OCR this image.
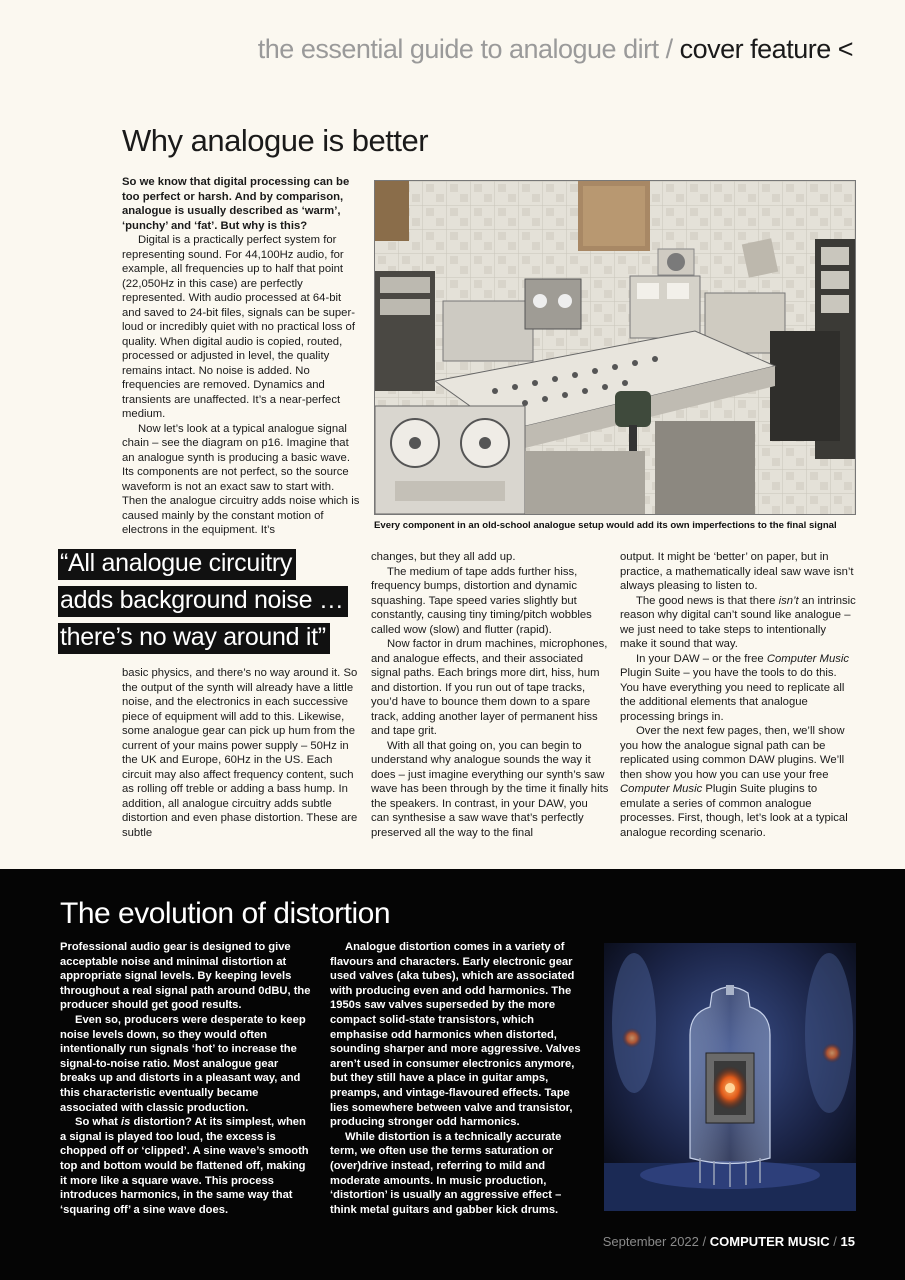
the essential guide to analogue dirt / cover feature <
Why analogue is better

So we know that digital processing can be too perfect or harsh. And by comparison, analogue is usually described as ‘warm’, ‘punchy’ and ‘fat’. But why is this?

Digital is a practically perfect system for representing sound. For 44,100Hz audio, for example, all frequencies up to half that point (22,050Hz in this case) are perfectly represented. With audio processed at 64-bit and saved to 24-bit files, signals can be super-loud or incredibly quiet with no practical loss of quality. When digital audio is copied, routed, processed or adjusted in level, the quality remains intact. No noise is added. No frequencies are removed. Dynamics and transients are unaffected. It’s a near-perfect medium.

Now let’s look at a typical analogue signal chain – see the diagram on p16. Imagine that an analogue synth is producing a basic wave. Its components are not perfect, so the source waveform is not an exact saw to start with. Then the analogue circuitry adds noise which is caused mainly by the constant motion of electrons in the equipment. It’s	Every component in an old-school analogue setup would add its own imperfections to the final signal
“All analogue circuitry
adds background noise …
there’s no way around it”

basic physics, and there’s no way around it. So the output of the synth will already have a little noise, and the electronics in each successive piece of equipment will add to this. Likewise, some analogue gear can pick up hum from the current of your mains power supply – 50Hz in the UK and Europe, 60Hz in the US. Each circuit may also affect frequency content, such as rolling off treble or adding a bass hump. In addition, all analogue circuitry adds subtle distortion and even phase distortion. These are subtle

changes, but they all add up.

The medium of tape adds further hiss, frequency bumps, distortion and dynamic squashing. Tape speed varies slightly but constantly, causing tiny timing/pitch wobbles called wow (slow) and flutter (rapid).

Now factor in drum machines, microphones, and analogue effects, and their associated signal paths. Each brings more dirt, hiss, hum and distortion. If you run out of tape tracks, you’d have to bounce them down to a spare track, adding another layer of permanent hiss and tape grit.

With all that going on, you can begin to understand why analogue sounds the way it does – just imagine everything our synth’s saw wave has been through by the time it finally hits the speakers. In contrast, in your DAW, you can synthesise a saw wave that’s perfectly preserved all the way to the final

output. It might be ‘better’ on paper, but in practice, a mathematically ideal saw wave isn’t always pleasing to listen to.

The good news is that there isn’t an intrinsic reason why digital can’t sound like analogue – we just need to take steps to intentionally make it sound that way.

In your DAW – or the free Computer Music Plugin Suite – you have the tools to do this. You have everything you need to replicate all the additional elements that analogue processing brings in.

Over the next few pages, then, we’ll show you how the analogue signal path can be replicated using common DAW plugins. We’ll then show you how you can use your free Computer Music Plugin Suite plugins to emulate a series of common analogue processes. First, though, let’s look at a typical analogue recording scenario.

The evolution of distortion

Professional audio gear is designed to give acceptable noise and minimal distortion at appropriate signal levels. By keeping levels throughout a real signal path around 0dBU, the producer should get good results.

Even so, producers were desperate to keep noise levels down, so they would often intentionally run signals ‘hot’ to increase the signal-to-noise ratio. Most analogue gear breaks up and distorts in a pleasant way, and this characteristic eventually became associated with classic production.

So what is distortion? At its simplest, when a signal is played too loud, the excess is chopped off or ‘clipped’. A sine wave’s smooth top and bottom would be flattened off, making it more like a square wave. This process introduces harmonics, in the same way that ‘squaring off’ a sine wave does.

Analogue distortion comes in a variety of flavours and characters. Early electronic gear used valves (aka tubes), which are associated with producing even and odd harmonics. The 1950s saw valves superseded by the more compact solid-state transistors, which emphasise odd harmonics when distorted, sounding sharper and more aggressive. Valves aren’t used in consumer electronics anymore, but they still have a place in guitar amps, preamps, and vintage-flavoured effects. Tape lies somewhere between valve and transistor, producing stronger odd harmonics.

While distortion is a technically accurate term, we often use the terms saturation or (over)drive instead, referring to mild and moderate amounts. In music production, ‘distortion’ is usually an aggressive effect – think metal guitars and gabber kick drums.

September 2022 / COMPUTER MUSIC / 15
